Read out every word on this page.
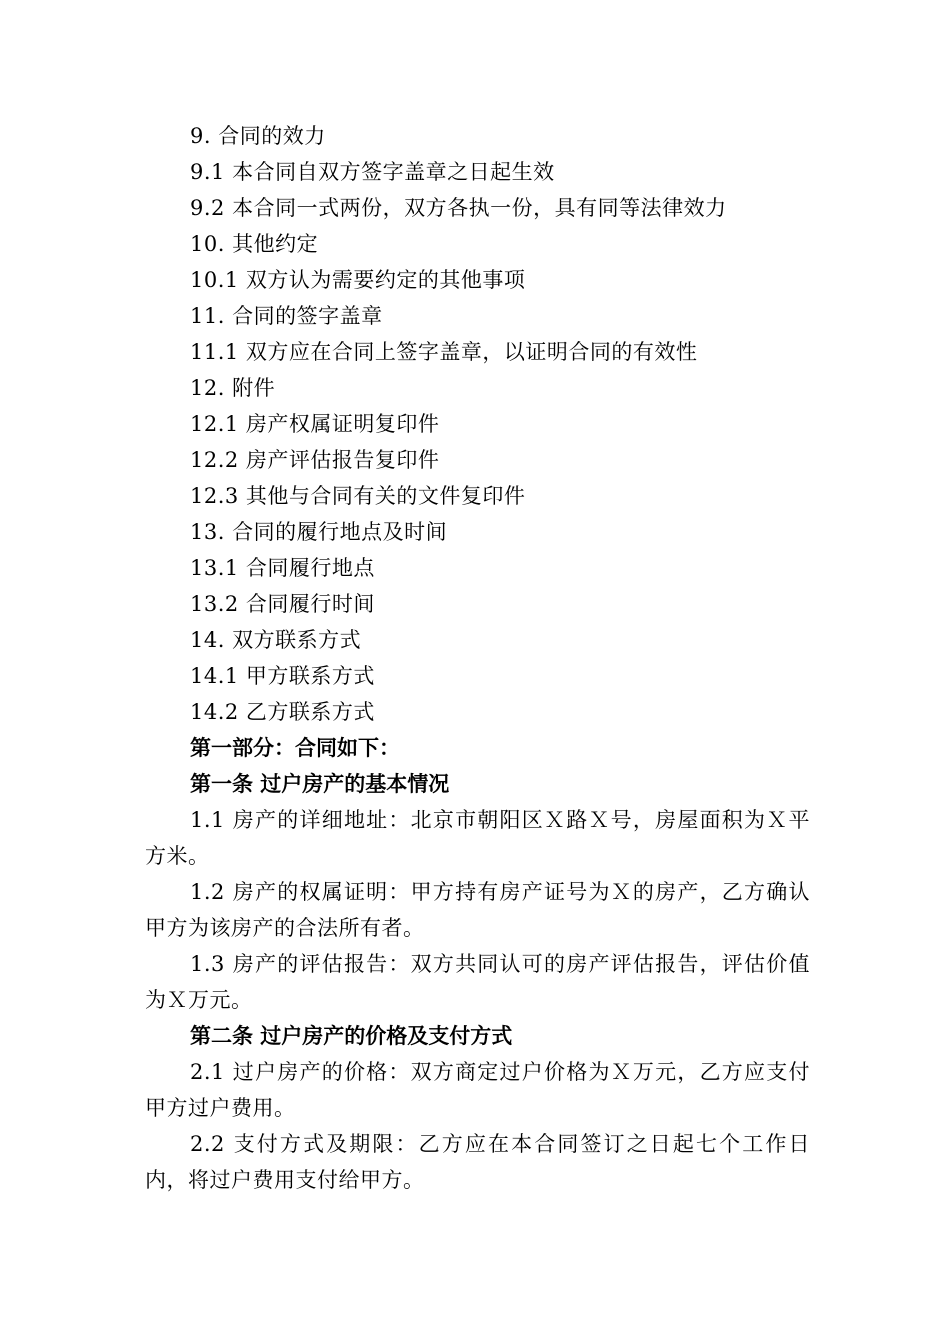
9. 合同的效力
9.1 本合同自双方签字盖章之日起生效
9.2 本合同一式两份，双方各执一份，具有同等法律效力
10. 其他约定
10.1 双方认为需要约定的其他事项
11. 合同的签字盖章
11.1 双方应在合同上签字盖章，以证明合同的有效性
12. 附件
12.1 房产权属证明复印件
12.2 房产评估报告复印件
12.3 其他与合同有关的文件复印件
13. 合同的履行地点及时间
13.1 合同履行地点
13.2 合同履行时间
14. 双方联系方式
14.1 甲方联系方式
14.2 乙方联系方式
第一部分：合同如下：
第一条 过户房产的基本情况
1.1 房产的详细地址：北京市朝阳区Ｘ路Ｘ号，房屋面积为Ｘ平方米。
1.2 房产的权属证明：甲方持有房产证号为Ｘ的房产，乙方确认甲方为该房产的合法所有者。
1.3 房产的评估报告：双方共同认可的房产评估报告，评估价值为Ｘ万元。
第二条 过户房产的价格及支付方式
2.1 过户房产的价格：双方商定过户价格为Ｘ万元，乙方应支付甲方过户费用。
2.2 支付方式及期限：乙方应在本合同签订之日起七个工作日内，将过户费用支付给甲方。
